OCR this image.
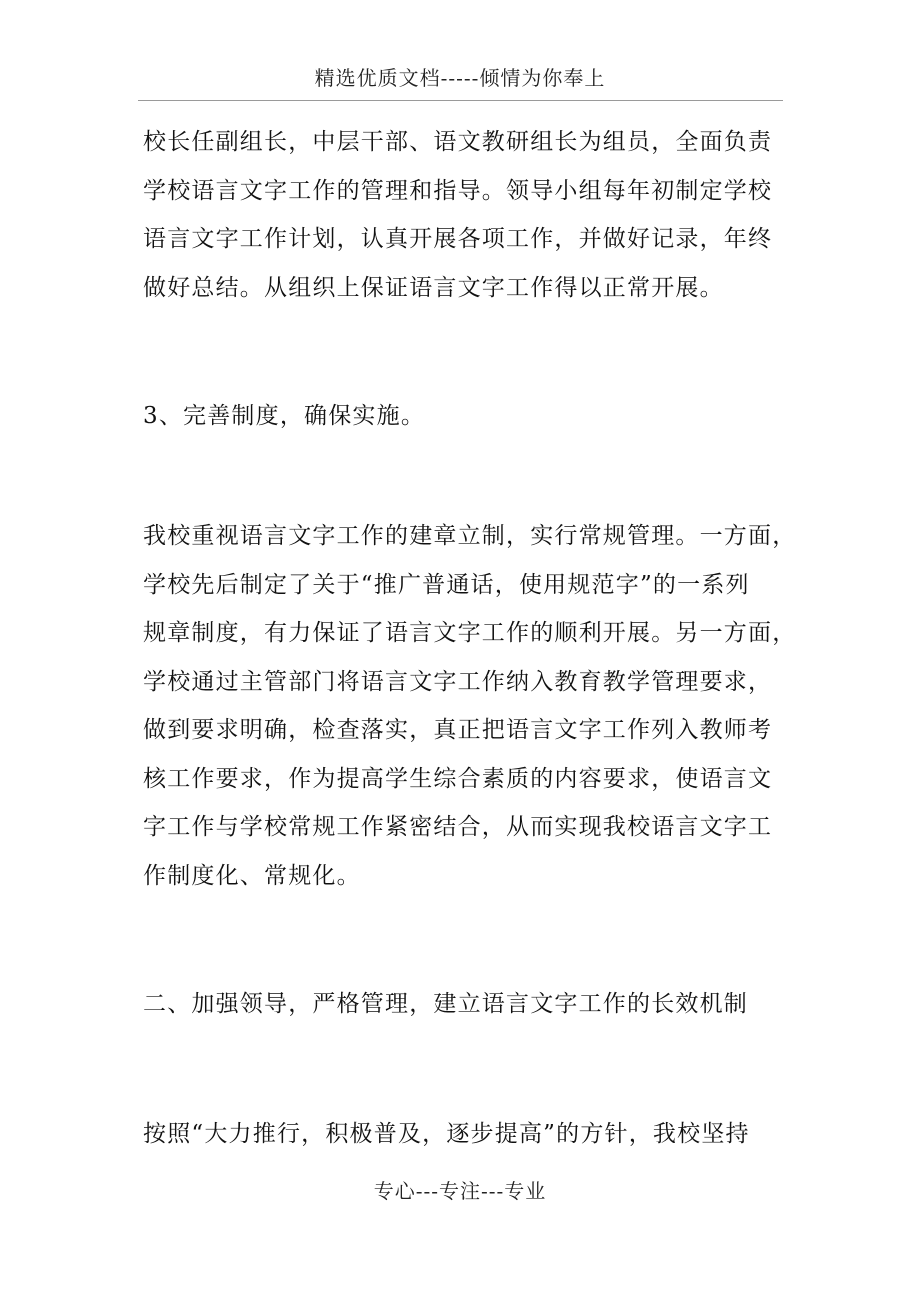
精选优质文档-----倾情为你奉上
校长任副组长，中层干部、语文教研组长为组员，全面负责
学校语言文字工作的管理和指导。领导小组每年初制定学校
语言文字工作计划，认真开展各项工作，并做好记录，年终
做好总结。从组织上保证语言文字工作得以正常开展。
3、完善制度，确保实施。
我校重视语言文字工作的建章立制，实行常规管理。一方面，
学校先后制定了关于“推广普通话，使用规范字”的一系列
规章制度，有力保证了语言文字工作的顺利开展。另一方面，
学校通过主管部门将语言文字工作纳入教育教学管理要求，
做到要求明确，检查落实，真正把语言文字工作列入教师考
核工作要求，作为提高学生综合素质的内容要求，使语言文
字工作与学校常规工作紧密结合，从而实现我校语言文字工
作制度化、常规化。
二、加强领导，严格管理，建立语言文字工作的长效机制
按照“大力推行，积极普及，逐步提高”的方针，我校坚持
专心---专注---专业
